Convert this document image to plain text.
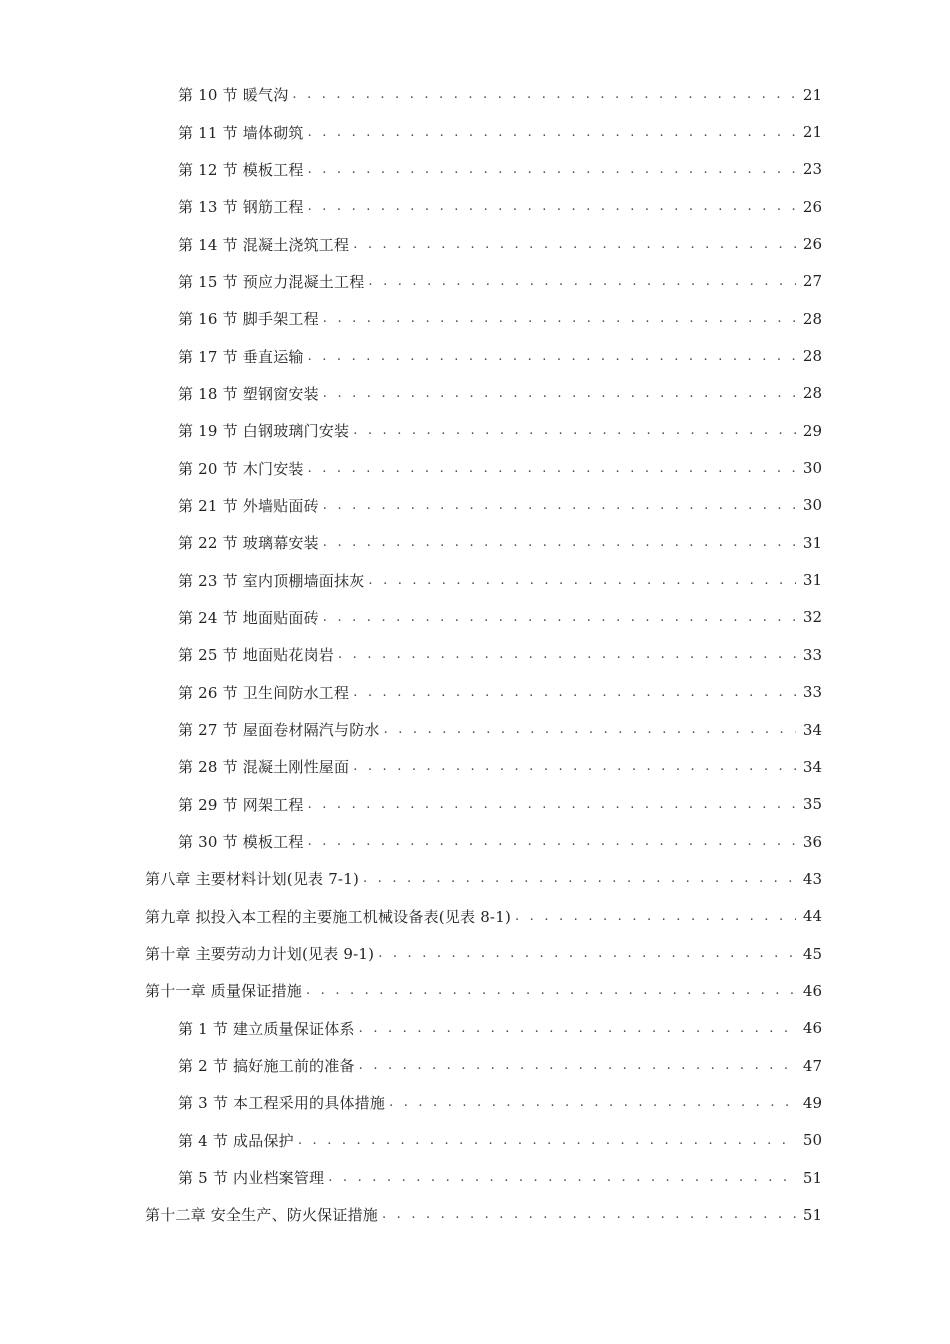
第 10 节 暖气沟 . . .	21
第 11 节 墙体砌筑 . . .	21
第 12 节 模板工程 . . .	23
第 13 节 钢筋工程 . . .	26
第 14 节 混凝土浇筑工程 . . .	26
第 15 节 预应力混凝土工程 . . .	27
第 16 节 脚手架工程 . . .	28
第 17 节 垂直运输 . . .	28
第 18 节 塑钢窗安装 . . .	28
第 19 节 白钢玻璃门安装 . . .	29
第 20 节 木门安装 . . .	30
第 21 节 外墙贴面砖 . . .	30
第 22 节 玻璃幕安装 . . .	31
第 23 节 室内顶棚墙面抹灰 . . .	31
第 24 节 地面贴面砖 . . .	32
第 25 节 地面贴花岗岩 . . .	33
第 26 节 卫生间防水工程 . . .	33
第 27 节 屋面卷材隔汽与防水 . . .	34
第 28 节 混凝土刚性屋面 . . .	34
第 29 节 网架工程 . . .	35
第 30 节 模板工程 . . .	36
第八章 主要材料计划(见表 7-1) . . .	43
第九章 拟投入本工程的主要施工机械设备表(见表 8-1) . . .	44
第十章 主要劳动力计划(见表 9-1) . . .	45
第十一章 质量保证措施 . . .	46
第 1 节 建立质量保证体系 . . .	46
第 2 节 搞好施工前的准备 . . .	47
第 3 节 本工程采用的具体措施 . . .	49
第 4 节 成品保护 . . .	50
第 5 节 内业档案管理 . . .	51
第十二章 安全生产、防火保证措施 . . .	51
